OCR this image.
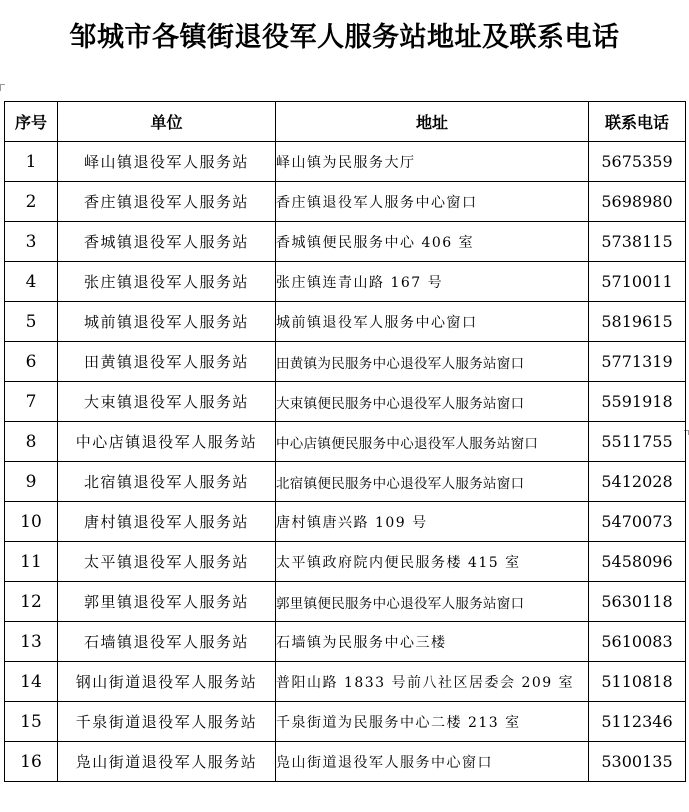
邹城市各镇街退役军人服务站地址及联系电话
序号	单位	地址	联系电话
1	峄山镇退役军人服务站	峄山镇为民服务大厅	5675359
2	香庄镇退役军人服务站	香庄镇退役军人服务中心窗口	5698980
3	香城镇退役军人服务站	香城镇便民服务中心 406 室	5738115
4	张庄镇退役军人服务站	张庄镇连青山路 167 号	5710011
5	城前镇退役军人服务站	城前镇退役军人服务中心窗口	5819615
6	田黄镇退役军人服务站	田黄镇为民服务中心退役军人服务站窗口	5771319
7	大束镇退役军人服务站	大束镇便民服务中心退役军人服务站窗口	5591918
8	中心店镇退役军人服务站	中心店镇便民服务中心退役军人服务站窗口	5511755
9	北宿镇退役军人服务站	北宿镇便民服务中心退役军人服务站窗口	5412028
10	唐村镇退役军人服务站	唐村镇唐兴路 109 号	5470073
11	太平镇退役军人服务站	太平镇政府院内便民服务楼 415 室	5458096
12	郭里镇退役军人服务站	郭里镇便民服务中心退役军人服务站窗口	5630118
13	石墙镇退役军人服务站	石墙镇为民服务中心三楼	5610083
14	钢山街道退役军人服务站	普阳山路 1833 号前八社区居委会 209 室	5110818
15	千泉街道退役军人服务站	千泉街道为民服务中心二楼 213 室	5112346
16	凫山街道退役军人服务站	凫山街道退役军人服务中心窗口	5300135
